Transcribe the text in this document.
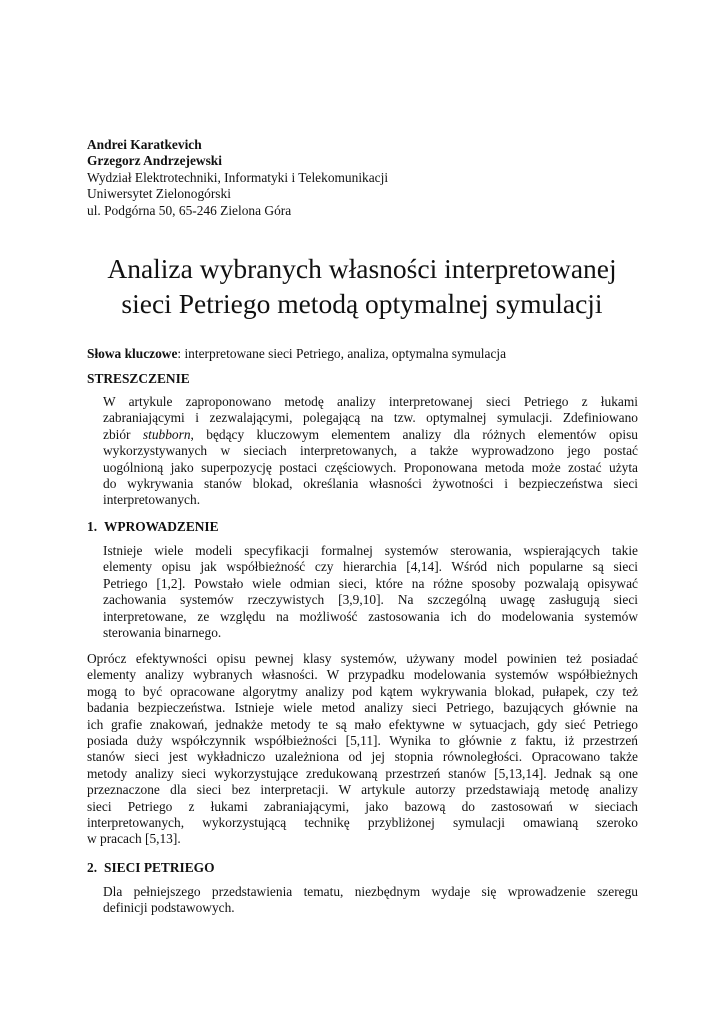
Andrei Karatkevich
Grzegorz Andrzejewski
Wydział Elektrotechniki, Informatyki i Telekomunikacji
Uniwersytet Zielonogórski
ul. Podgórna 50, 65-246 Zielona Góra
Analiza wybranych własności interpretowanej
sieci Petriego metodą optymalnej symulacji
Słowa kluczowe: interpretowane sieci Petriego, analiza, optymalna symulacja
STRESZCZENIE
W artykule zaproponowano metodę analizy interpretowanej sieci Petriego z łukami
zabraniającymi i zezwalającymi, polegającą na tzw. optymalnej symulacji. Zdefiniowano
zbiór stubborn, będący kluczowym elementem analizy dla różnych elementów opisu
wykorzystywanych w sieciach interpretowanych, a także wyprowadzono jego postać
uogólnioną jako superpozycję postaci częściowych. Proponowana metoda może zostać użyta
do wykrywania stanów blokad, określania własności żywotności i bezpieczeństwa sieci
interpretowanych.
1. WPROWADZENIE
Istnieje wiele modeli specyfikacji formalnej systemów sterowania, wspierających takie
elementy opisu jak współbieżność czy hierarchia [4,14]. Wśród nich popularne są sieci
Petriego [1,2]. Powstało wiele odmian sieci, które na różne sposoby pozwalają opisywać
zachowania systemów rzeczywistych [3,9,10]. Na szczególną uwagę zasługują sieci
interpretowane, ze względu na możliwość zastosowania ich do modelowania systemów
sterowania binarnego.
Oprócz efektywności opisu pewnej klasy systemów, używany model powinien też posiadać
elementy analizy wybranych własności. W przypadku modelowania systemów współbieżnych
mogą to być opracowane algorytmy analizy pod kątem wykrywania blokad, pułapek, czy też
badania bezpieczeństwa. Istnieje wiele metod analizy sieci Petriego, bazujących głównie na
ich grafie znakowań, jednakże metody te są mało efektywne w sytuacjach, gdy sieć Petriego
posiada duży współczynnik współbieżności [5,11]. Wynika to głównie z faktu, iż przestrzeń
stanów sieci jest wykładniczo uzależniona od jej stopnia równoległości. Opracowano także
metody analizy sieci wykorzystujące zredukowaną przestrzeń stanów [5,13,14]. Jednak są one
przeznaczone dla sieci bez interpretacji. W artykule autorzy przedstawiają metodę analizy
sieci Petriego z łukami zabraniającymi, jako bazową do zastosowań w sieciach
interpretowanych, wykorzystującą technikę przybliżonej symulacji omawianą szeroko
w pracach [5,13].
2. SIECI PETRIEGO
Dla pełniejszego przedstawienia tematu, niezbędnym wydaje się wprowadzenie szeregu
definicji podstawowych.
